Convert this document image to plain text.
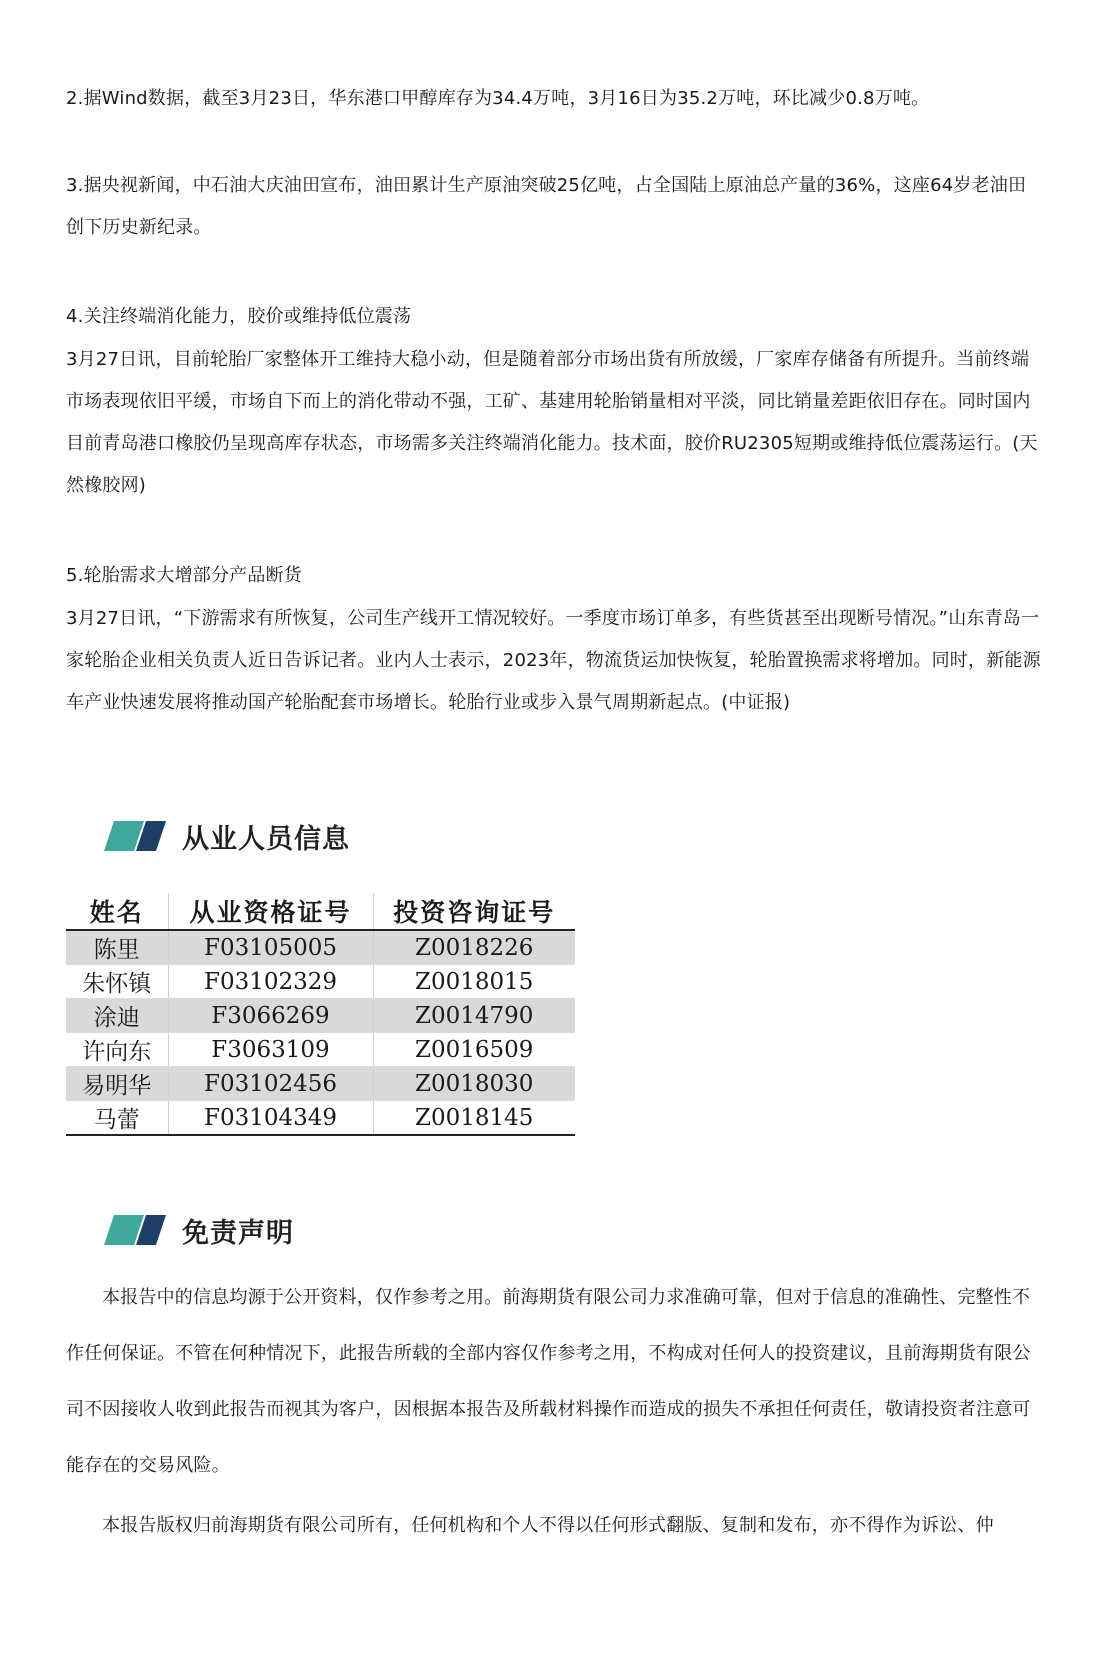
2.据Wind数据，截至3月23日，华东港口甲醇库存为34.4万吨，3月16日为35.2万吨，环比减少0.8万吨。

3.据央视新闻，中石油大庆油田宣布，油田累计生产原油突破25亿吨，占全国陆上原油总产量的36%，这座64岁老油田创下历史新纪录。

4.关注终端消化能力，胶价或维持低位震荡

3月27日讯，目前轮胎厂家整体开工维持大稳小动，但是随着部分市场出货有所放缓，厂家库存储备有所提升。当前终端市场表现依旧平缓，市场自下而上的消化带动不强，工矿、基建用轮胎销量相对平淡，同比销量差距依旧存在。同时国内目前青岛港口橡胶仍呈现高库存状态，市场需多关注终端消化能力。技术面，胶价RU2305短期或维持低位震荡运行。(天然橡胶网)

5.轮胎需求大增部分产品断货

3月27日讯，“下游需求有所恢复，公司生产线开工情况较好。一季度市场订单多，有些货甚至出现断号情况。”山东青岛一家轮胎企业相关负责人近日告诉记者。业内人士表示，2023年，物流货运加快恢复，轮胎置换需求将增加。同时，新能源车产业快速发展将推动国产轮胎配套市场增长。轮胎行业或步入景气周期新起点。(中证报)

从业人员信息
姓名	从业资格证号	投资咨询证号
陈里	F03105005	Z0018226
朱怀镇	F03102329	Z0018015
涂迪	F3066269	Z0014790
许向东	F3063109	Z0016509
易明华	F03102456	Z0018030
马蕾	F03104349	Z0018145
免责声明

本报告中的信息均源于公开资料，仅作参考之用。前海期货有限公司力求准确可靠，但对于信息的准确性、完整性不作任何保证。不管在何种情况下，此报告所载的全部内容仅作参考之用，不构成对任何人的投资建议，且前海期货有限公司不因接收人收到此报告而视其为客户，因根据本报告及所载材料操作而造成的损失不承担任何责任，敬请投资者注意可能存在的交易风险。

本报告版权归前海期货有限公司所有，任何机构和个人不得以任何形式翻版、复制和发布，亦不得作为诉讼、仲
